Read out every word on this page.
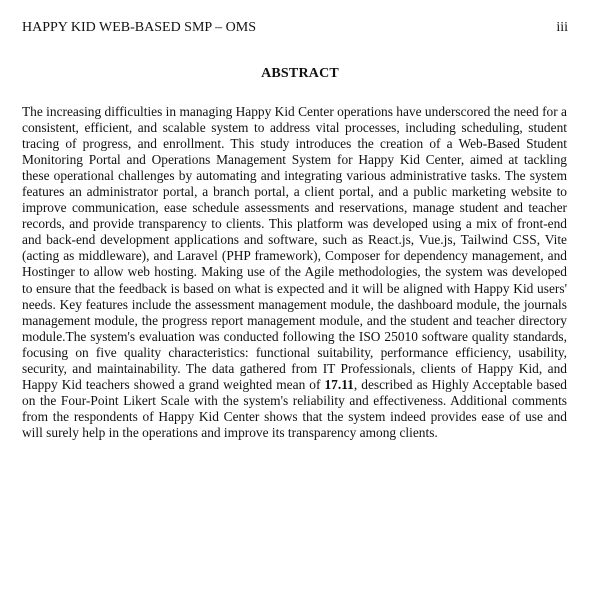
HAPPY KID WEB-BASED SMP – OMS	iii
ABSTRACT

The increasing difficulties in managing Happy Kid Center operations have underscored the need for a consistent, efficient, and scalable system to address vital processes, including scheduling, student tracing of progress, and enrollment. This study introduces the creation of a Web-Based Student Monitoring Portal and Operations Management System for Happy Kid Center, aimed at tackling these operational challenges by automating and integrating various administrative tasks. The system features an administrator portal, a branch portal, a client portal, and a public marketing website to improve communication, ease schedule assessments and reservations, manage student and teacher records, and provide transparency to clients. This platform was developed using a mix of front-end and back-end development applications and software, such as React.js, Vue.js, Tailwind CSS, Vite (acting as middleware), and Laravel (PHP framework), Composer for dependency management, and Hostinger to allow web hosting. Making use of the Agile methodologies, the system was developed to ensure that the feedback is based on what is expected and it will be aligned with Happy Kid users' needs. Key features include the assessment management module, the dashboard module, the journals management module, the progress report management module, and the student and teacher directory module.The system's evaluation was conducted following the ISO 25010 software quality standards, focusing on five quality characteristics: functional suitability, performance efficiency, usability, security, and maintainability. The data gathered from IT Professionals, clients of Happy Kid, and Happy Kid teachers showed a grand weighted mean of 17.11, described as Highly Acceptable based on the Four-Point Likert Scale with the system's reliability and effectiveness. Additional comments from the respondents of Happy Kid Center shows that the system indeed provides ease of use and will surely help in the operations and improve its transparency among clients.
